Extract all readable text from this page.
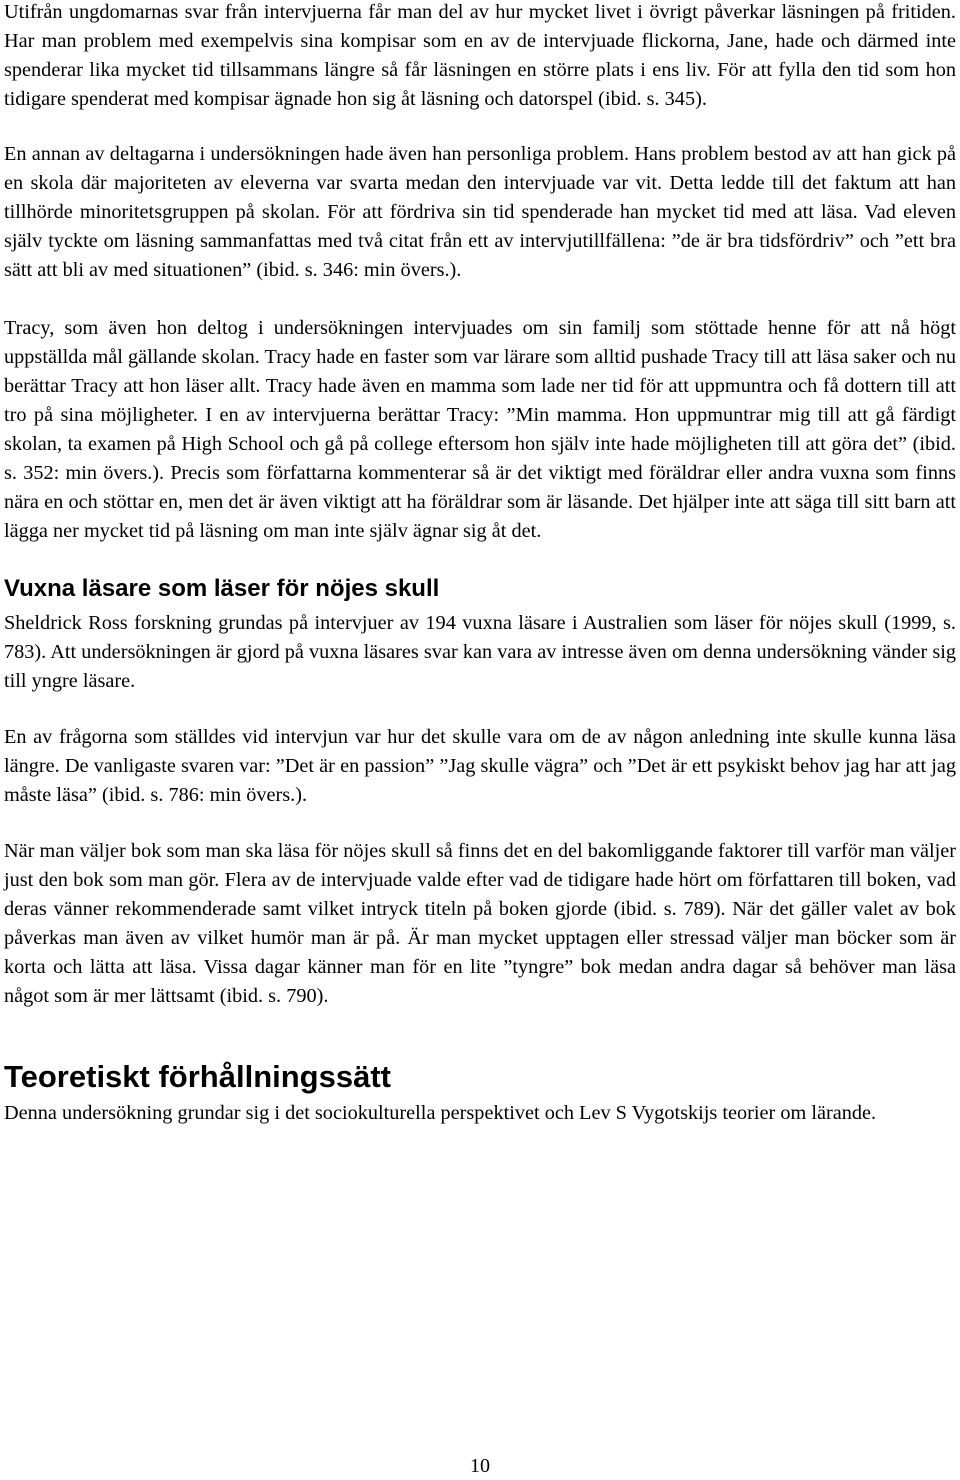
Utifrån ungdomarnas svar från intervjuerna får man del av hur mycket livet i övrigt påverkar läsningen på fritiden. Har man problem med exempelvis sina kompisar som en av de intervjuade flickorna, Jane, hade och därmed inte spenderar lika mycket tid tillsammans längre så får läsningen en större plats i ens liv. För att fylla den tid som hon tidigare spenderat med kompisar ägnade hon sig åt läsning och datorspel (ibid. s. 345).

En annan av deltagarna i undersökningen hade även han personliga problem. Hans problem bestod av att han gick på en skola där majoriteten av eleverna var svarta medan den intervjuade var vit. Detta ledde till det faktum att han tillhörde minoritetsgruppen på skolan. För att fördriva sin tid spenderade han mycket tid med att läsa. Vad eleven själv tyckte om läsning sammanfattas med två citat från ett av intervjutillfällena: ”de är bra tidsfördriv” och ”ett bra sätt att bli av med situationen” (ibid. s. 346: min övers.).

Tracy, som även hon deltog i undersökningen intervjuades om sin familj som stöttade henne för att nå högt uppställda mål gällande skolan. Tracy hade en faster som var lärare som alltid pushade Tracy till att läsa saker och nu berättar Tracy att hon läser allt. Tracy hade även en mamma som lade ner tid för att uppmuntra och få dottern till att tro på sina möjligheter. I en av intervjuerna berättar Tracy: ”Min mamma. Hon uppmuntrar mig till att gå färdigt skolan, ta examen på High School och gå på college eftersom hon själv inte hade möjligheten till att göra det” (ibid. s. 352: min övers.). Precis som författarna kommenterar så är det viktigt med föräldrar eller andra vuxna som finns nära en och stöttar en, men det är även viktigt att ha föräldrar som är läsande. Det hjälper inte att säga till sitt barn att lägga ner mycket tid på läsning om man inte själv ägnar sig åt det.

Vuxna läsare som läser för nöjes skull

Sheldrick Ross forskning grundas på intervjuer av 194 vuxna läsare i Australien som läser för nöjes skull (1999, s. 783). Att undersökningen är gjord på vuxna läsares svar kan vara av intresse även om denna undersökning vänder sig till yngre läsare.

En av frågorna som ställdes vid intervjun var hur det skulle vara om de av någon anledning inte skulle kunna läsa längre. De vanligaste svaren var: ”Det är en passion” ”Jag skulle vägra” och ”Det är ett psykiskt behov jag har att jag måste läsa” (ibid. s. 786: min övers.).

När man väljer bok som man ska läsa för nöjes skull så finns det en del bakomliggande faktorer till varför man väljer just den bok som man gör. Flera av de intervjuade valde efter vad de tidigare hade hört om författaren till boken, vad deras vänner rekommenderade samt vilket intryck titeln på boken gjorde (ibid. s. 789). När det gäller valet av bok påverkas man även av vilket humör man är på. Är man mycket upptagen eller stressad väljer man böcker som är korta och lätta att läsa. Vissa dagar känner man för en lite ”tyngre” bok medan andra dagar så behöver man läsa något som är mer lättsamt (ibid. s. 790).

Teoretiskt förhållningssätt

Denna undersökning grundar sig i det sociokulturella perspektivet och Lev S Vygotskijs teorier om lärande.

10
